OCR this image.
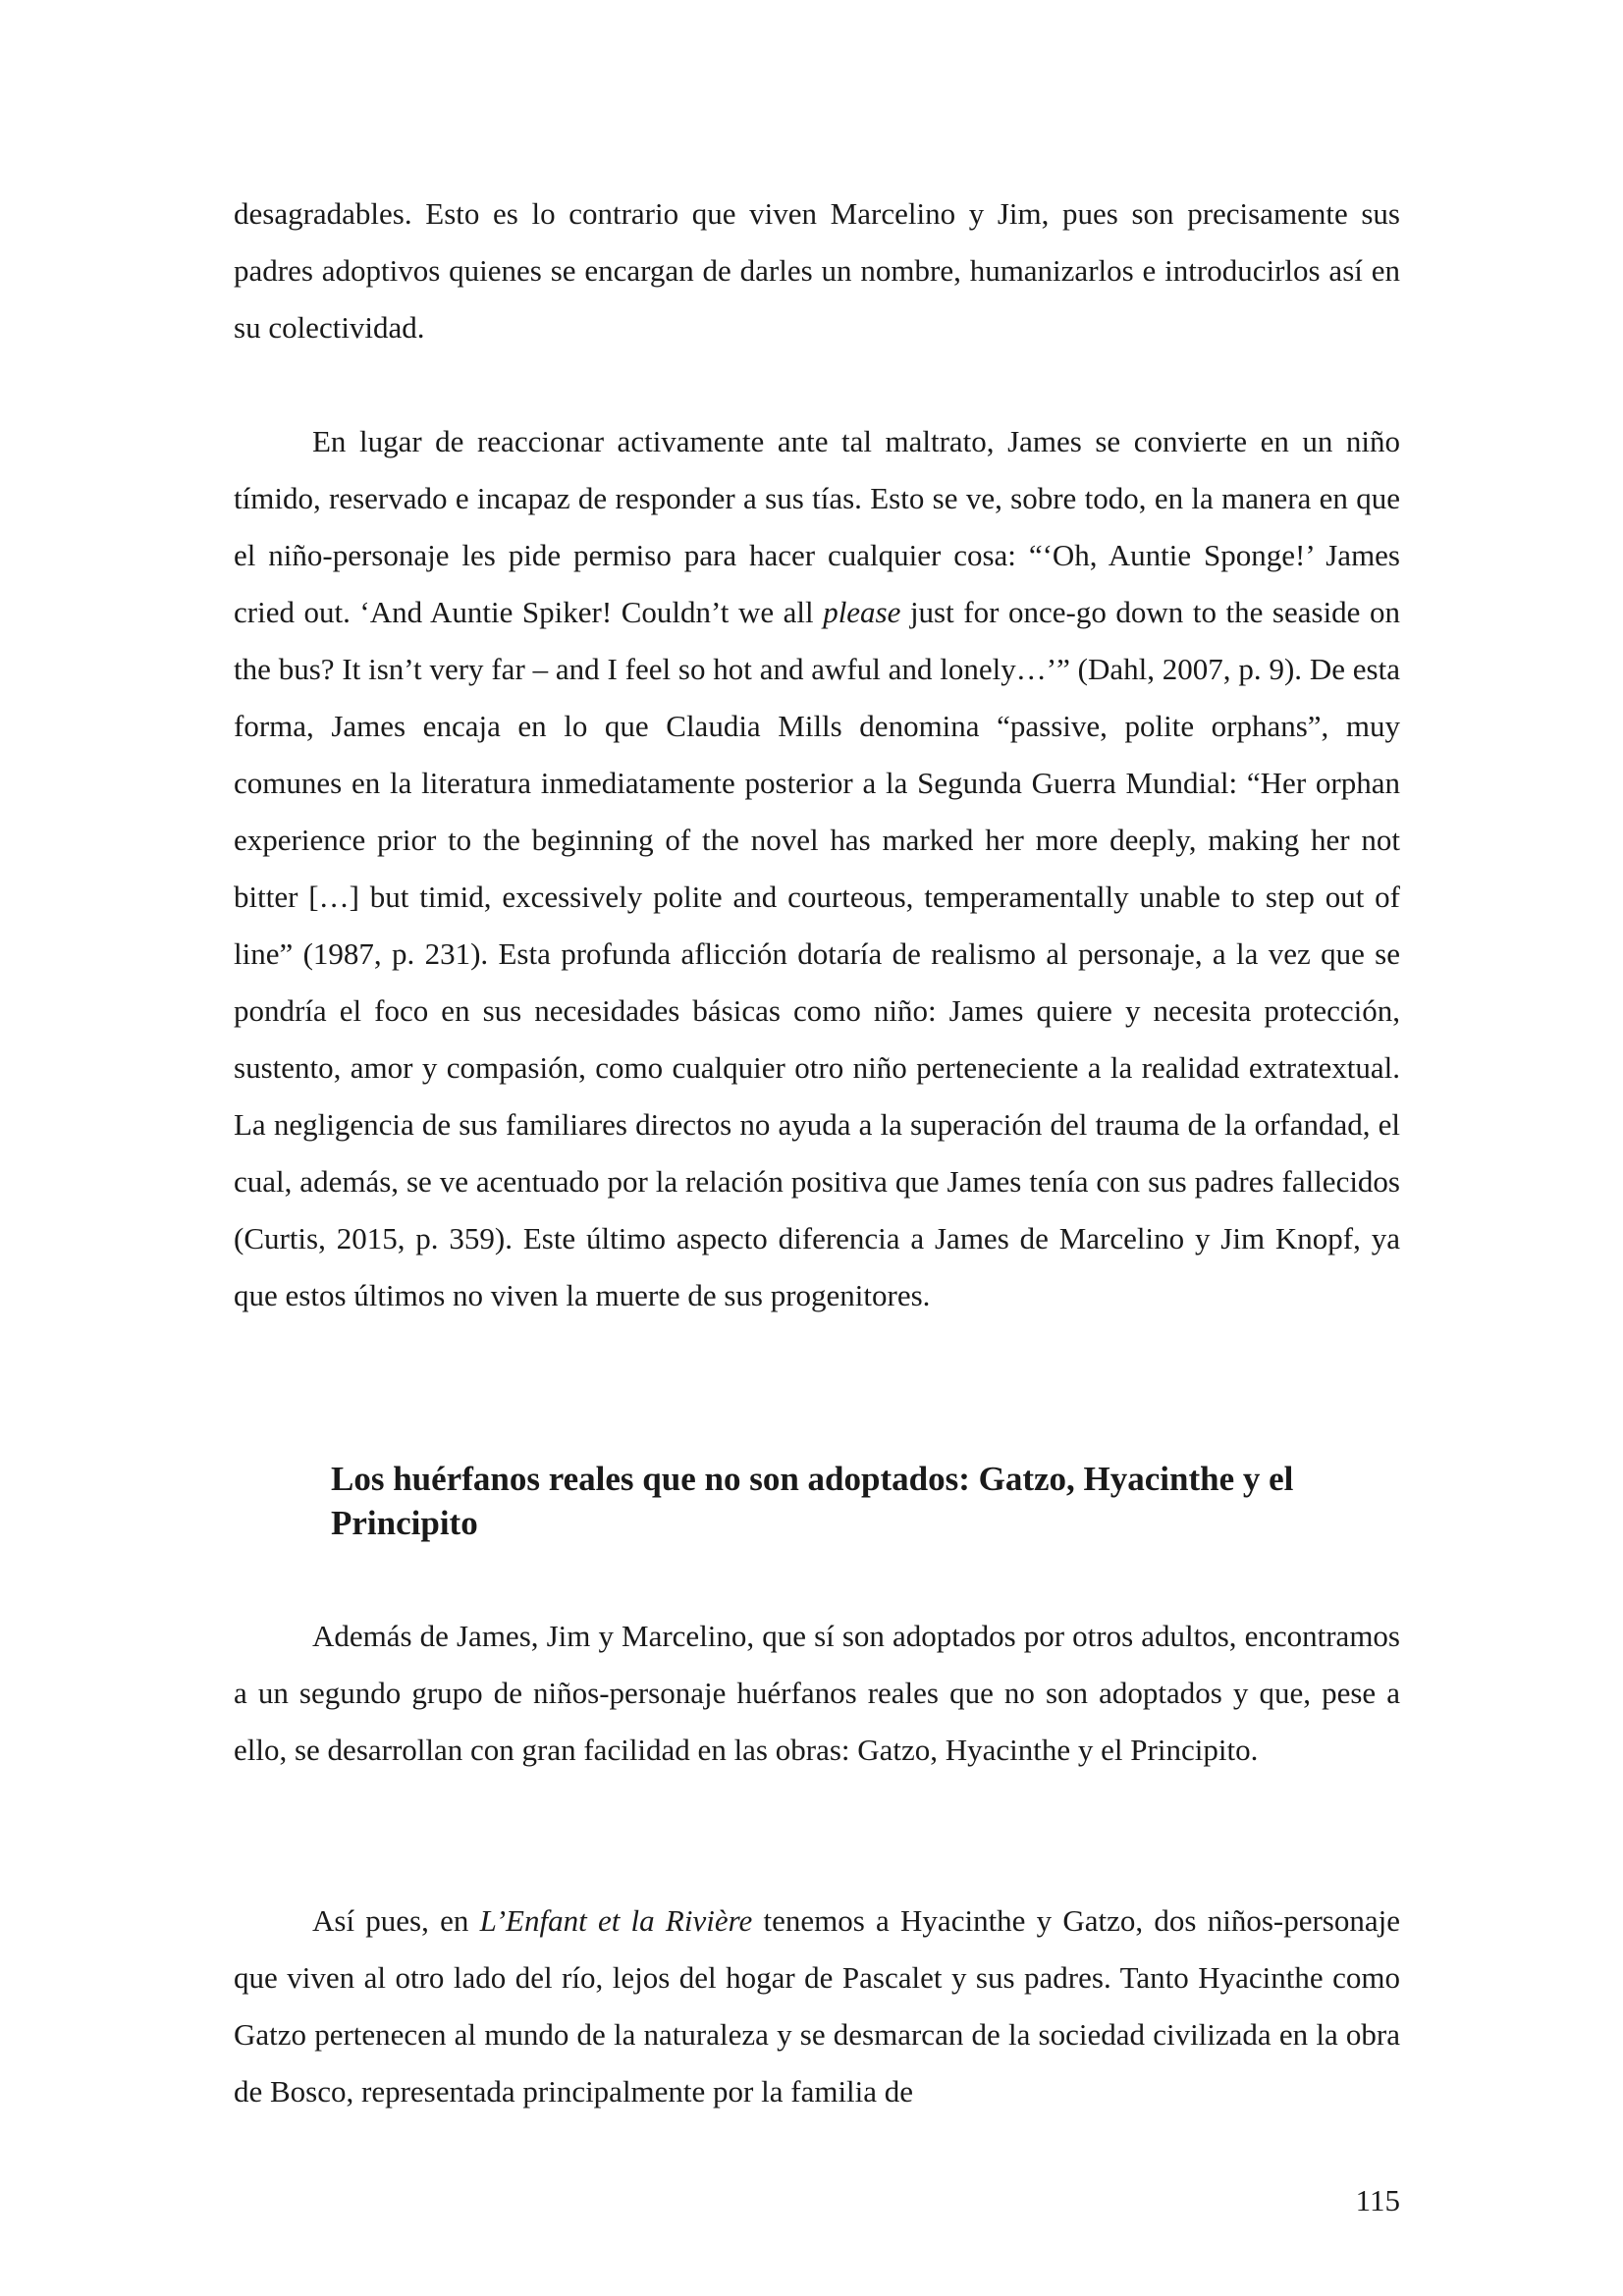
desagradables. Esto es lo contrario que viven Marcelino y Jim, pues son precisamente sus padres adoptivos quienes se encargan de darles un nombre, humanizarlos e introducirlos así en su colectividad.

En lugar de reaccionar activamente ante tal maltrato, James se convierte en un niño tímido, reservado e incapaz de responder a sus tías. Esto se ve, sobre todo, en la manera en que el niño-personaje les pide permiso para hacer cualquier cosa: “‘Oh, Auntie Sponge!’ James cried out. ‘And Auntie Spiker! Couldn’t we all please just for once-go down to the seaside on the bus? It isn’t very far – and I feel so hot and awful and lonely…’” (Dahl, 2007, p. 9). De esta forma, James encaja en lo que Claudia Mills denomina “passive, polite orphans”, muy comunes en la literatura inmediatamente posterior a la Segunda Guerra Mundial: “Her orphan experience prior to the beginning of the novel has marked her more deeply, making her not bitter […] but timid, excessively polite and courteous, temperamentally unable to step out of line” (1987, p. 231). Esta profunda aflicción dotaría de realismo al personaje, a la vez que se pondría el foco en sus necesidades básicas como niño: James quiere y necesita protección, sustento, amor y compasión, como cualquier otro niño perteneciente a la realidad extratextual. La negligencia de sus familiares directos no ayuda a la superación del trauma de la orfandad, el cual, además, se ve acentuado por la relación positiva que James tenía con sus padres fallecidos (Curtis, 2015, p. 359). Este último aspecto diferencia a James de Marcelino y Jim Knopf, ya que estos últimos no viven la muerte de sus progenitores.

Los huérfanos reales que no son adoptados: Gatzo, Hyacinthe y el Principito

Además de James, Jim y Marcelino, que sí son adoptados por otros adultos, encontramos a un segundo grupo de niños-personaje huérfanos reales que no son adoptados y que, pese a ello, se desarrollan con gran facilidad en las obras: Gatzo, Hyacinthe y el Principito.

Así pues, en L’Enfant et la Rivière tenemos a Hyacinthe y Gatzo, dos niños-personaje que viven al otro lado del río, lejos del hogar de Pascalet y sus padres. Tanto Hyacinthe como Gatzo pertenecen al mundo de la naturaleza y se desmarcan de la sociedad civilizada en la obra de Bosco, representada principalmente por la familia de

115
